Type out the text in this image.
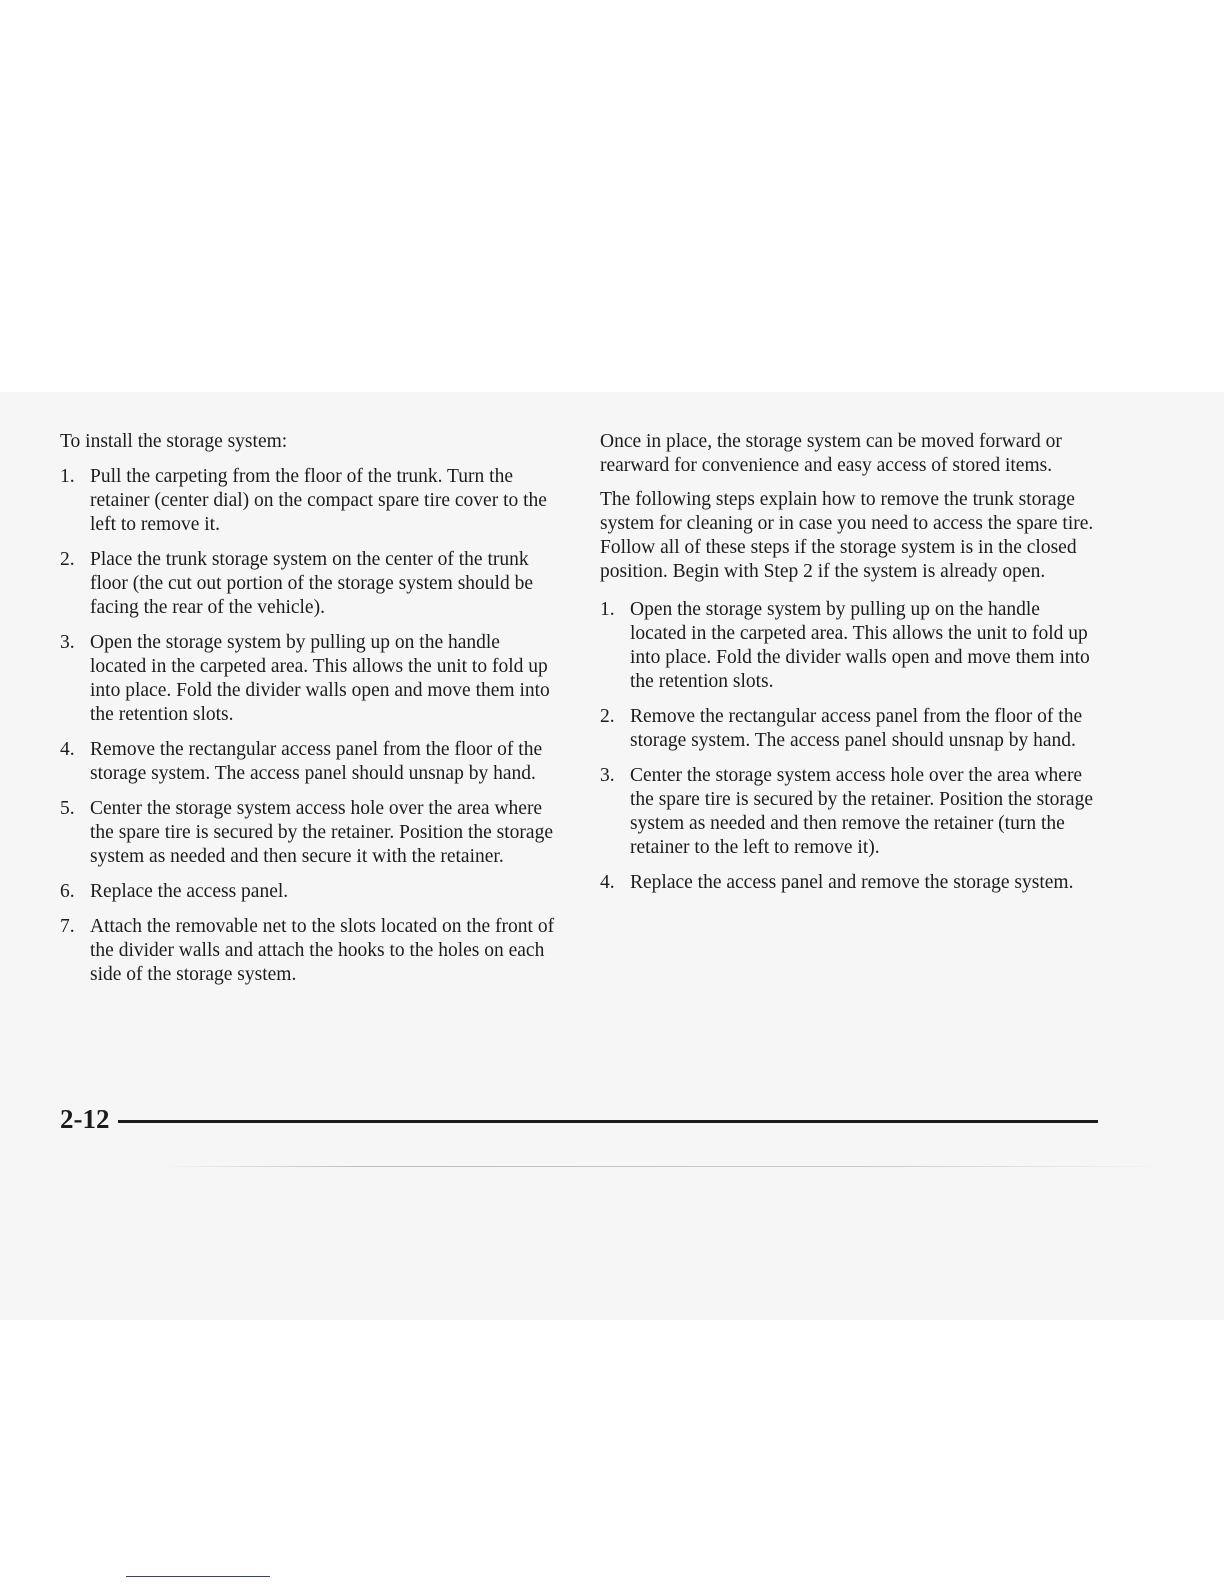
To install the storage system:

1. Pull the carpeting from the floor of the trunk. Turn the retainer (center dial) on the compact spare tire cover to the left to remove it.
2. Place the trunk storage system on the center of the trunk floor (the cut out portion of the storage system should be facing the rear of the vehicle).
3. Open the storage system by pulling up on the handle located in the carpeted area. This allows the unit to fold up into place. Fold the divider walls open and move them into the retention slots.
4. Remove the rectangular access panel from the floor of the storage system. The access panel should unsnap by hand.
5. Center the storage system access hole over the area where the spare tire is secured by the retainer. Position the storage system as needed and then secure it with the retainer.
6. Replace the access panel.
7. Attach the removable net to the slots located on the front of the divider walls and attach the hooks to the holes on each side of the storage system.

Once in place, the storage system can be moved forward or rearward for convenience and easy access of stored items.

The following steps explain how to remove the trunk storage system for cleaning or in case you need to access the spare tire. Follow all of these steps if the storage system is in the closed position. Begin with Step 2 if the system is already open.

1. Open the storage system by pulling up on the handle located in the carpeted area. This allows the unit to fold up into place. Fold the divider walls open and move them into the retention slots.
2. Remove the rectangular access panel from the floor of the storage system. The access panel should unsnap by hand.
3. Center the storage system access hole over the area where the spare tire is secured by the retainer. Position the storage system as needed and then remove the retainer (turn the retainer to the left to remove it).
4. Replace the access panel and remove the storage system.
2-12
